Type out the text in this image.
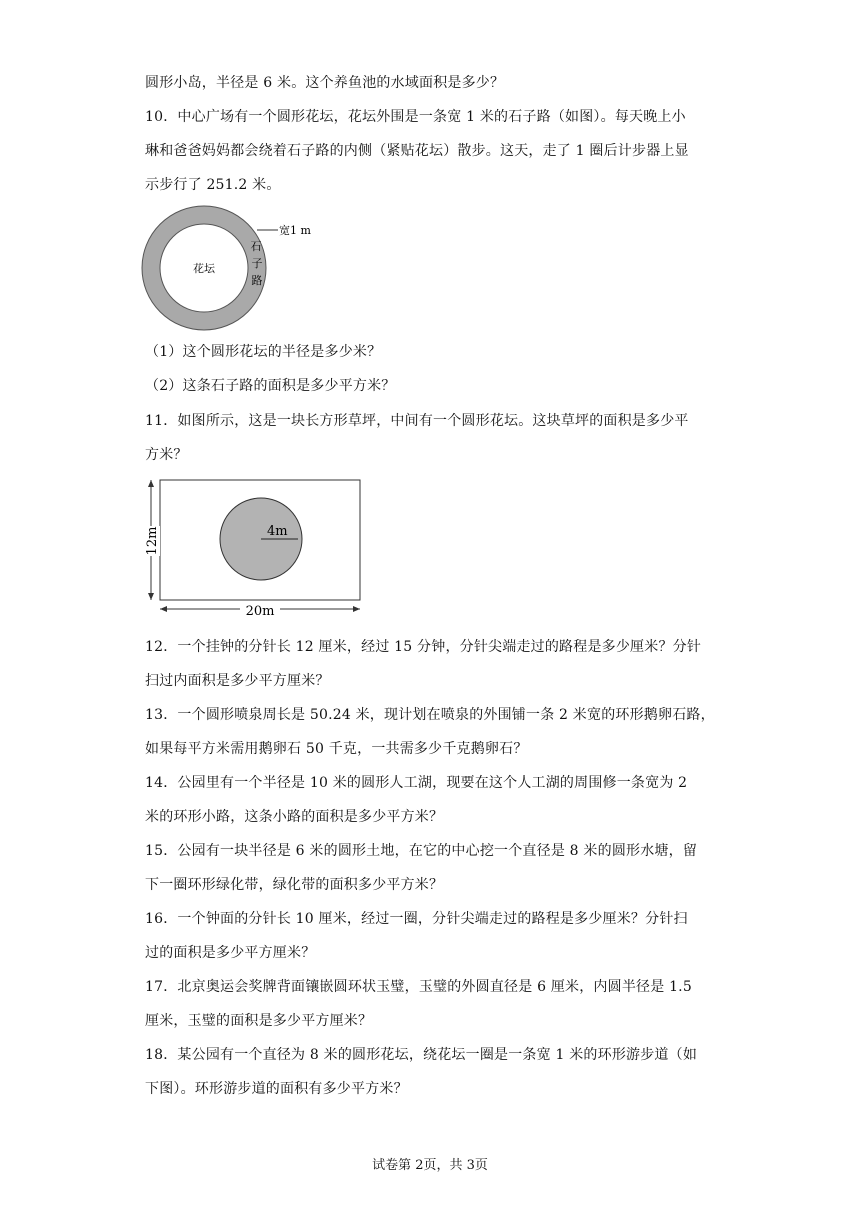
圆形小岛，半径是 6 米。这个养鱼池的水域面积是多少？
10．中心广场有一个圆形花坛，花坛外围是一条宽 1 米的石子路（如图）。每天晚上小
琳和爸爸妈妈都会绕着石子路的内侧（紧贴花坛）散步。这天，走了 1 圈后计步器上显
示步行了 251.2 米。
花坛
宽1 m
石
子
路
（1）这个圆形花坛的半径是多少米？
（2）这条石子路的面积是多少平方米？
11．如图所示，这是一块长方形草坪，中间有一个圆形花坛。这块草坪的面积是多少平
方米？
4m
12m
20m
12．一个挂钟的分针长 12 厘米，经过 15 分钟，分针尖端走过的路程是多少厘米？分针
扫过内面积是多少平方厘米？
13．一个圆形喷泉周长是 50.24 米，现计划在喷泉的外围铺一条 2 米宽的环形鹅卵石路，
如果每平方米需用鹅卵石 50 千克，一共需多少千克鹅卵石？
14．公园里有一个半径是 10 米的圆形人工湖，现要在这个人工湖的周围修一条宽为 2
米的环形小路，这条小路的面积是多少平方米？
15．公园有一块半径是 6 米的圆形土地，在它的中心挖一个直径是 8 米的圆形水塘，留
下一圈环形绿化带，绿化带的面积多少平方米？
16．一个钟面的分针长 10 厘米，经过一圈，分针尖端走过的路程是多少厘米？分针扫
过的面积是多少平方厘米？
17．北京奥运会奖牌背面镶嵌圆环状玉璧，玉璧的外圆直径是 6 厘米，内圆半径是 1.5
厘米，玉璧的面积是多少平方厘米？
18．某公园有一个直径为 8 米的圆形花坛，绕花坛一圈是一条宽 1 米的环形游步道（如
下图）。环形游步道的面积有多少平方米？
试卷第 2页，共 3页
